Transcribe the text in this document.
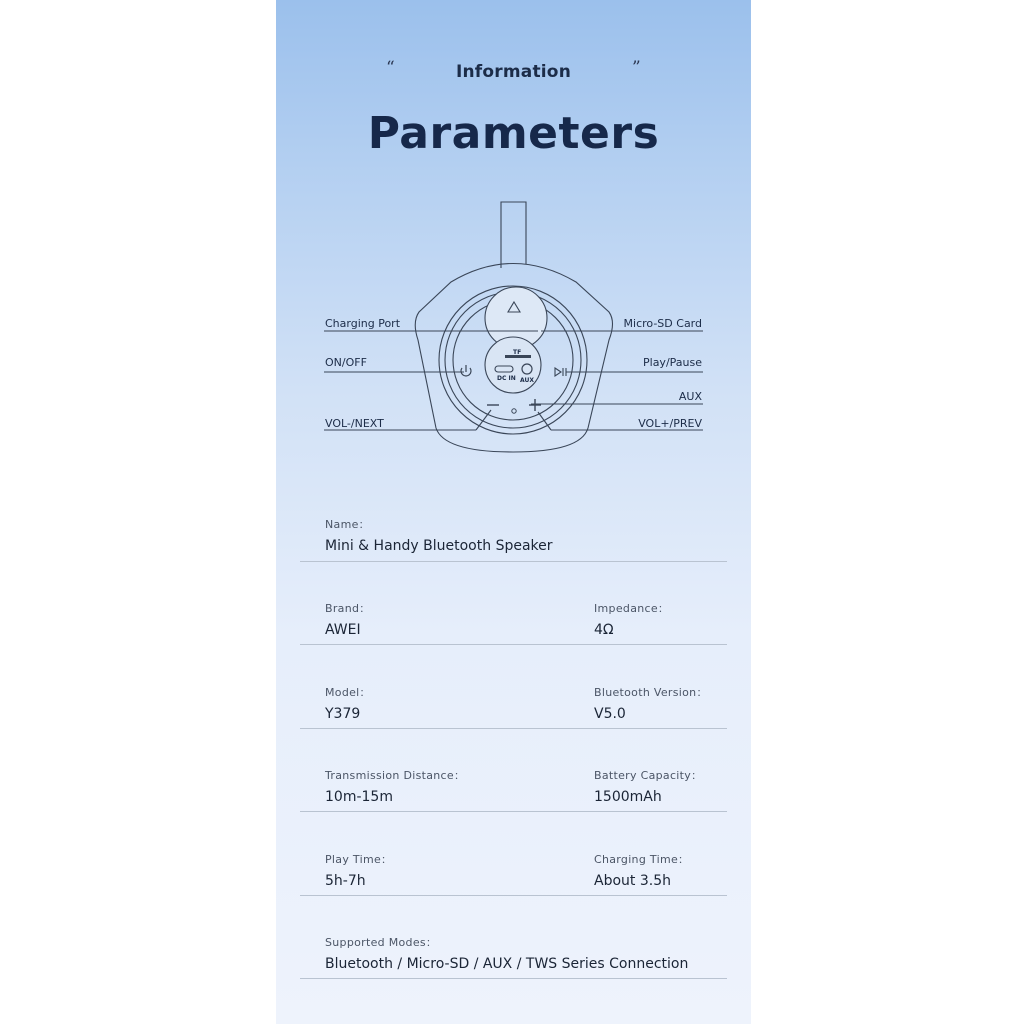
“	Information	”
Parameters
TF
DC IN AUX
Charging Port
ON/OFF
VOL-/NEXT
Micro-SD Card
Play/Pause
AUX
VOL+/PREV
Name：
Mini & Handy Bluetooth Speaker
Brand：
AWEI
Impedance：
4Ω
Model：
Y379
Bluetooth Version：
V5.0
Transmission Distance：
10m-15m
Battery Capacity：
1500mAh
Play Time：
5h-7h
Charging Time：
About 3.5h
Supported Modes：
Bluetooth / Micro-SD / AUX / TWS Series Connection
